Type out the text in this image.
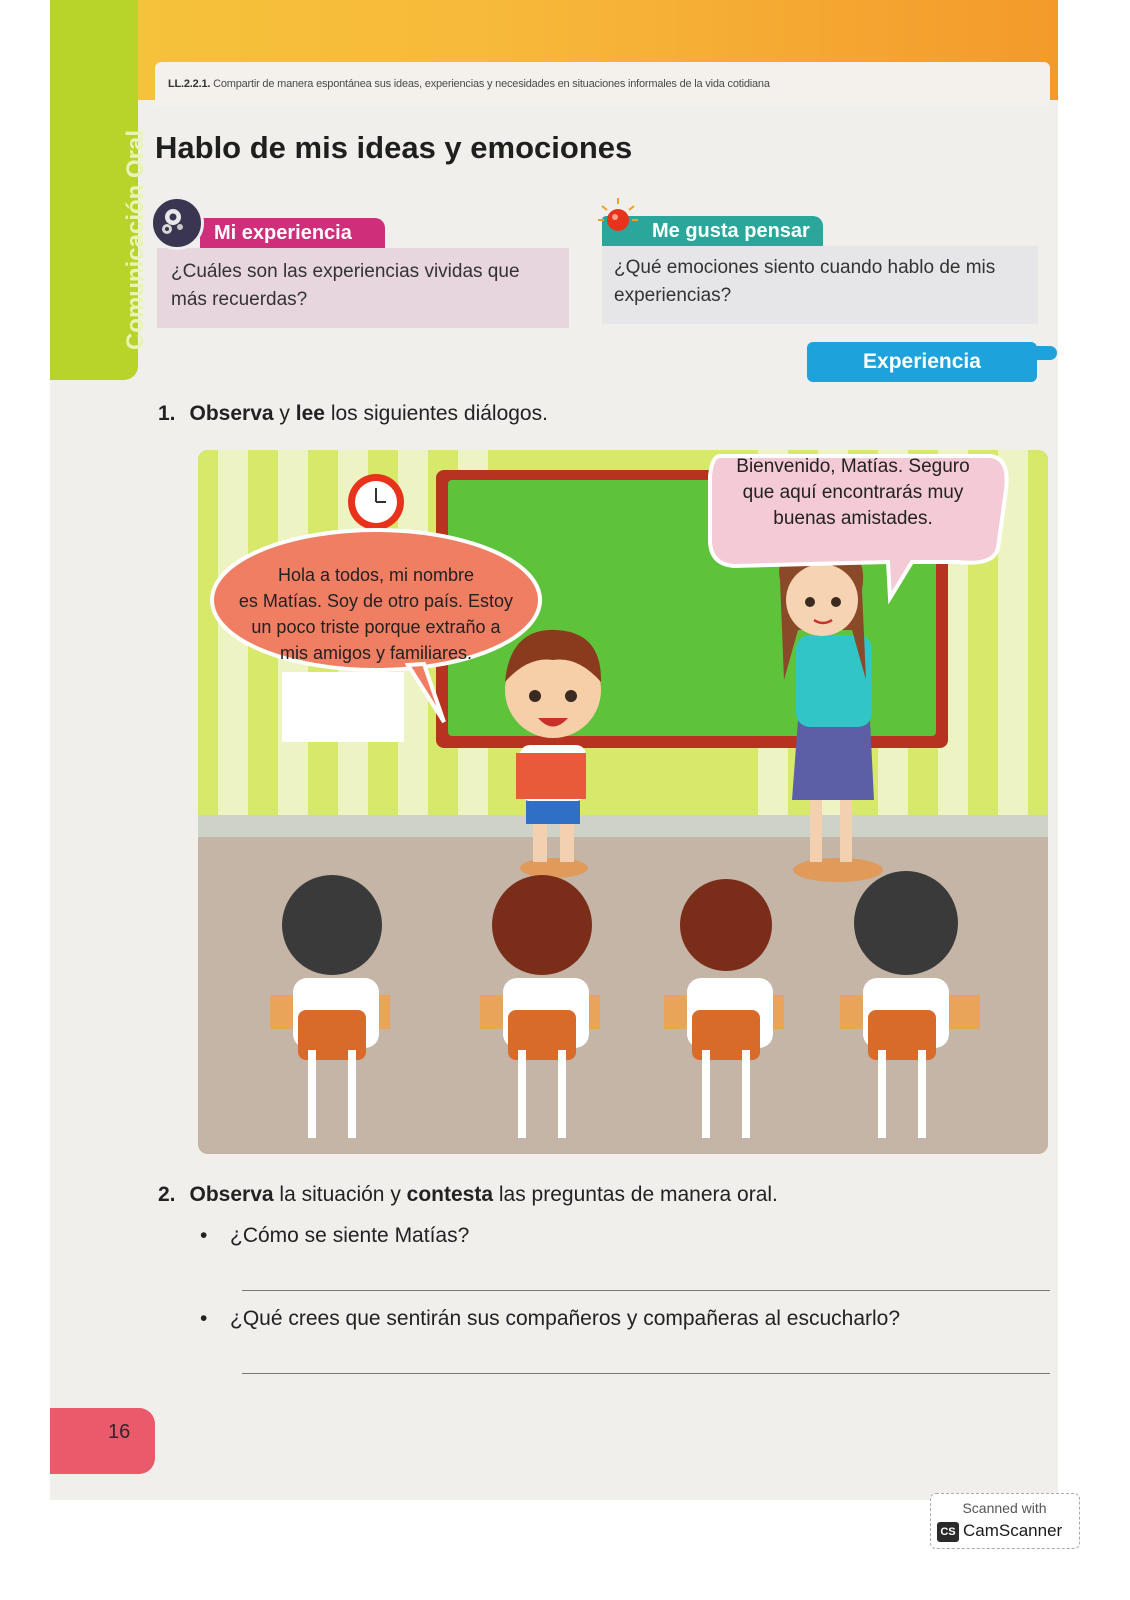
LL.2.2.1. Compartir de manera espontánea sus ideas, experiencias y necesidades en situaciones informales de la vida cotidiana
Comunicación Oral Hablo de mis ideas y emociones
¿Cuáles son las experiencias vividas que más recuerdas?
Mi experiencia
¿Qué emociones siento cuando hablo de mis experiencias?
Me gusta pensar
Experiencia
1. Observa y lee los siguientes diálogos.
Bienvenido, Matías. Seguro
que aquí encontrarás muy
buenas amistades.
Hola a todos, mi nombre
es Matías. Soy de otro país. Estoy
un poco triste porque extraño a
mis amigos y familiares.
2. Observa la situación y contesta las preguntas de manera oral.
• ¿Cómo se siente Matías?
• ¿Qué crees que sentirán sus compañeros y compañeras al escucharlo?
16
Scanned with
CS CamScanner
